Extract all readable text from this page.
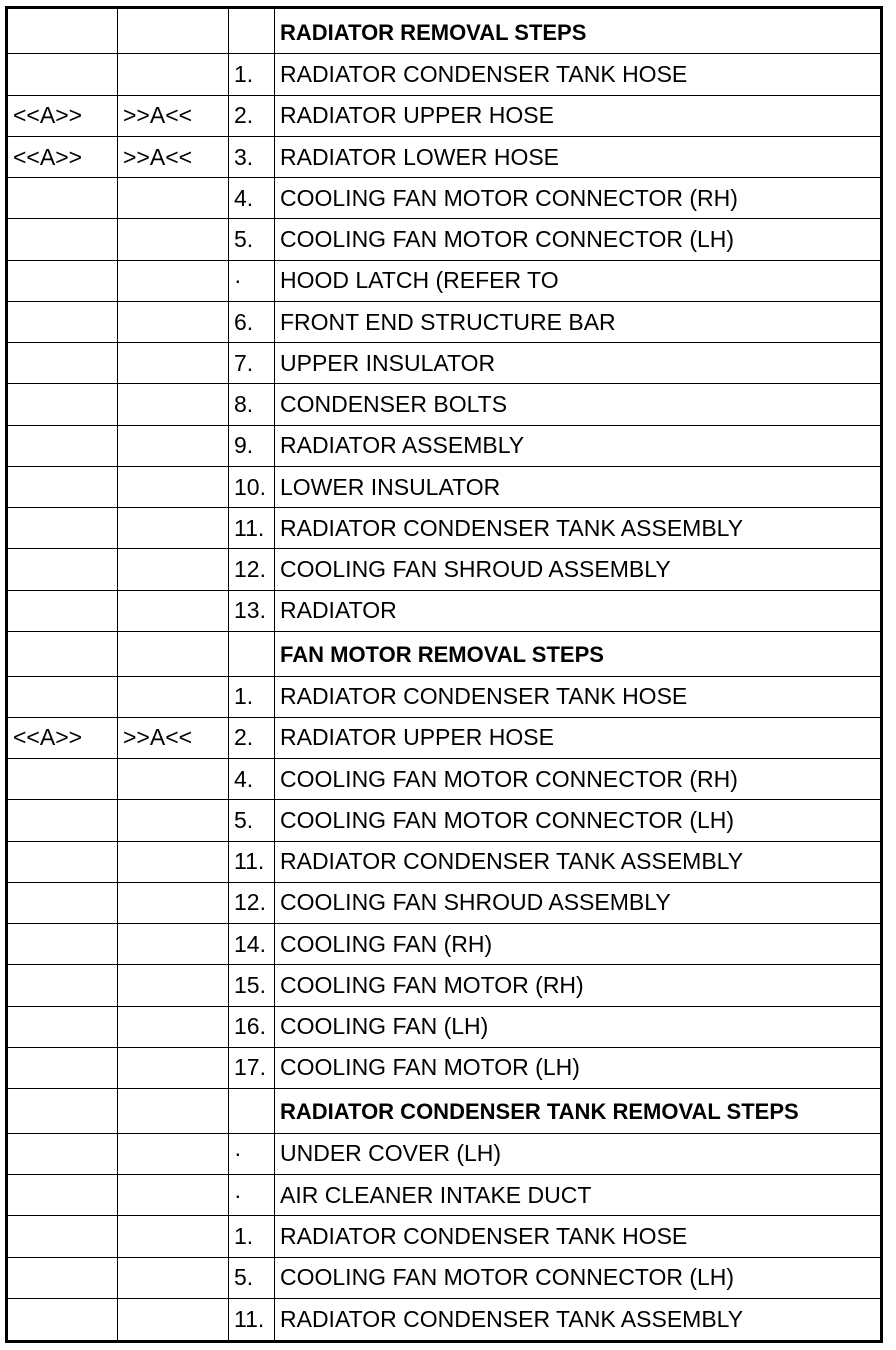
			RADIATOR REMOVAL STEPS
		1.	RADIATOR CONDENSER TANK HOSE
<<A>>	>>A<<	2.	RADIATOR UPPER HOSE
<<A>>	>>A<<	3.	RADIATOR LOWER HOSE
		4.	COOLING FAN MOTOR CONNECTOR (RH)
		5.	COOLING FAN MOTOR CONNECTOR (LH)
		·	HOOD LATCH (REFER TO
		6.	FRONT END STRUCTURE BAR
		7.	UPPER INSULATOR
		8.	CONDENSER BOLTS
		9.	RADIATOR ASSEMBLY
		10.	LOWER INSULATOR
		11.	RADIATOR CONDENSER TANK ASSEMBLY
		12.	COOLING FAN SHROUD ASSEMBLY
		13.	RADIATOR
			FAN MOTOR REMOVAL STEPS
		1.	RADIATOR CONDENSER TANK HOSE
<<A>>	>>A<<	2.	RADIATOR UPPER HOSE
		4.	COOLING FAN MOTOR CONNECTOR (RH)
		5.	COOLING FAN MOTOR CONNECTOR (LH)
		11.	RADIATOR CONDENSER TANK ASSEMBLY
		12.	COOLING FAN SHROUD ASSEMBLY
		14.	COOLING FAN (RH)
		15.	COOLING FAN MOTOR (RH)
		16.	COOLING FAN (LH)
		17.	COOLING FAN MOTOR (LH)
			RADIATOR CONDENSER TANK REMOVAL STEPS
		·	UNDER COVER (LH)
		·	AIR CLEANER INTAKE DUCT
		1.	RADIATOR CONDENSER TANK HOSE
		5.	COOLING FAN MOTOR CONNECTOR (LH)
		11.	RADIATOR CONDENSER TANK ASSEMBLY
